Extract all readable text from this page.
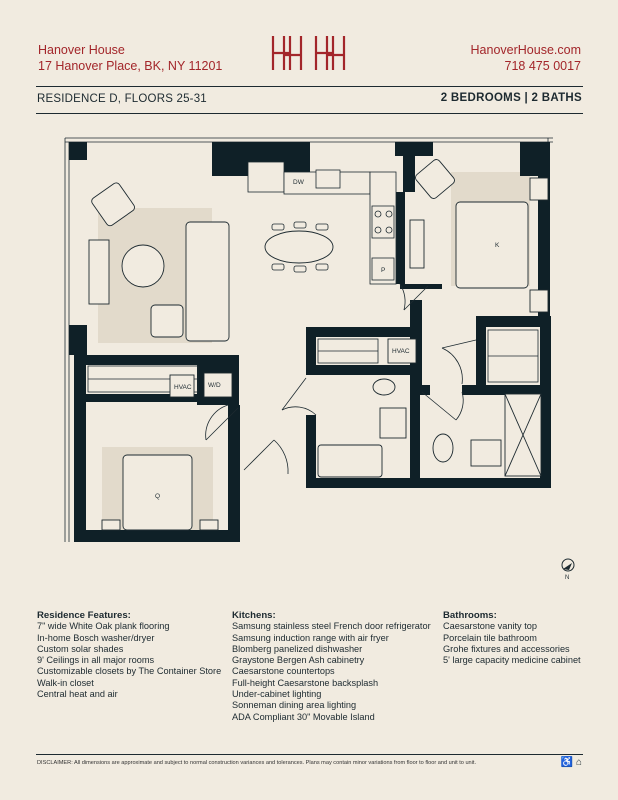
Hanover House
17 Hanover Place, BK, NY 11201
HanoverHouse.com
718 475 0017
RESIDENCE D, FLOORS 25-31	2 BEDROOMS | 2 BATHS
DW
P
HVAC
HVAC	W/D
K
Q
N
Residence Features:
7" wide White Oak plank flooring
In-home Bosch washer/dryer
Custom solar shades
9' Ceilings in all major rooms
Customizable closets by The Container Store
Walk-in closet
Central heat and air
Kitchens:
Samsung stainless steel French door refrigerator
Samsung induction range with air fryer
Blomberg panelized dishwasher
Graystone Bergen Ash cabinetry
Caesarstone countertops
Full-height Caesarstone backsplash
Under-cabinet lighting
Sonneman dining area lighting
ADA Compliant 30" Movable Island
Bathrooms:
Caesarstone vanity top
Porcelain tile bathroom
Grohe fixtures and accessories
5' large capacity medicine cabinet
DISCLAIMER: All dimensions are approximate and subject to normal construction variances and tolerances. Plans may contain minor variations from floor to floor and unit to unit.	♿ ⌂
